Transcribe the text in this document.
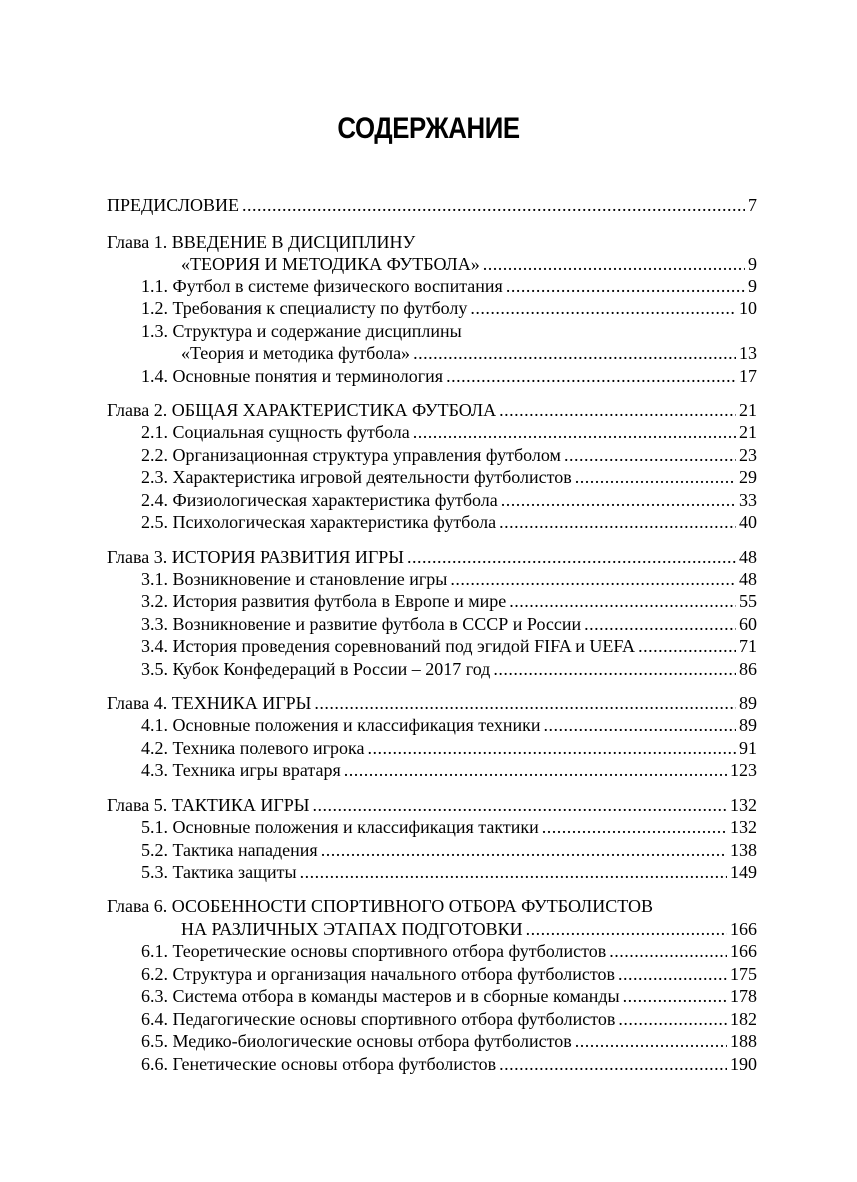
СОДЕРЖАНИЕ
ПРЕДИСЛОВИЕ .....	7
Глава 1. ВВЕДЕНИЕ В ДИСЦИПЛИНУ
«ТЕОРИЯ И МЕТОДИКА ФУТБОЛА» .....	9
1.1. Футбол в системе физического воспитания .....	9
1.2. Требования к специалисту по футболу .....	10
1.3. Структура и содержание дисциплины
«Теория и методика футбола» .....	13
1.4. Основные понятия и терминология .....	17
Глава 2. ОБЩАЯ ХАРАКТЕРИСТИКА ФУТБОЛА .....	21
2.1. Социальная сущность футбола .....	21
2.2. Организационная структура управления футболом .....	23
2.3. Характеристика игровой деятельности футболистов .....	29
2.4. Физиологическая характеристика футбола .....	33
2.5. Психологическая характеристика футбола .....	40
Глава 3. ИСТОРИЯ РАЗВИТИЯ ИГРЫ .....	48
3.1. Возникновение и становление игры .....	48
3.2. История развития футбола в Европе и мире .....	55
3.3. Возникновение и развитие футбола в СССР и России .....	60
3.4. История проведения соревнований под эгидой FIFA и UEFA .....	71
3.5. Кубок Конфедераций в России – 2017 год .....	86
Глава 4. ТЕХНИКА ИГРЫ .....	89
4.1. Основные положения и классификация техники .....	89
4.2. Техника полевого игрока .....	91
4.3. Техника игры вратаря .....	123
Глава 5. ТАКТИКА ИГРЫ .....	132
5.1. Основные положения и классификация тактики .....	132
5.2. Тактика нападения .....	138
5.3. Тактика защиты .....	149
Глава 6. ОСОБЕННОСТИ СПОРТИВНОГО ОТБОРА ФУТБОЛИСТОВ
НА РАЗЛИЧНЫХ ЭТАПАХ ПОДГОТОВКИ .....	166
6.1. Теоретические основы спортивного отбора футболистов .....	166
6.2. Структура и организация начального отбора футболистов .....	175
6.3. Система отбора в команды мастеров и в сборные команды .....	178
6.4. Педагогические основы спортивного отбора футболистов .....	182
6.5. Медико-биологические основы отбора футболистов .....	188
6.6. Генетические основы отбора футболистов .....	190
